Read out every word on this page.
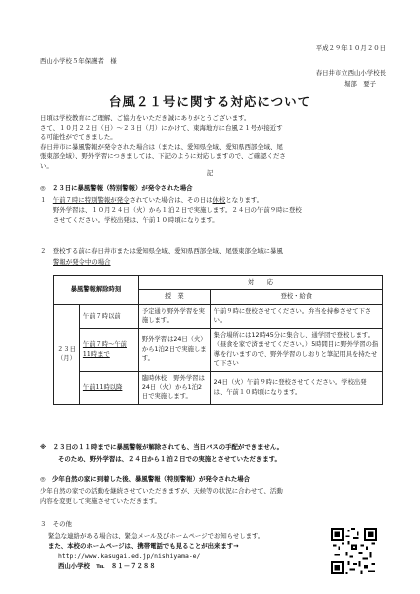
平成２９年１０月２０日
西山小学校５年保護者　様
春日井市立西山小学校長
堀部　要子
台風２１号に関する対応について

日頃は学校教育にご理解、ご協力をいただき誠にありがとうございます。

さて、１０月２２日（日）～２３日（月）にかけて、東海地方に台風２１号が接近す

る可能性がでてきました。

春日井市に暴風警報が発令された場合は（または、愛知県全域、愛知県西部全域、尾

張東部全域）、野外学習につきましては、下記のように対応しますので、ご確認くださ

い。

記
◎　２３日に暴風警報（特別警報）が発令された場合
１　午前７時に特別警報が発令されていた場合は、その日は休校となります。

野外学習は、１０月２４日（火）から１泊２日で実施します。２４日の午前９時に登校

させてください。学校出発は、午前１０時頃になります。

２　登校する前に春日井市または愛知県全域、愛知県西部全域、尾張東部全域に暴風
警報が発令中の場合
暴風警報解除時刻		対　　応	
		授　業	登校・給食
２３日（月）	午前７時以前	予定通り野外学習を実施します。	午前９時に登校させてください。弁当を持参させて下さい。
	午前７時～午前11時まで	野外学習は24日（火）から1泊2日で実施します。	集合場所には12時45分に集合し、通学団で登校します。（昼食を家で済ませてください。）5時間目に野外学習の指導を行いますので、野外学習のしおりと筆記用具を持たせて下さい
	午前11時以降	臨時休校　野外学習は24日（火）から1泊2日で実施します。	24日（火）午前９時に登校させてください。学校出発は、午前１０時頃になります。
※　２３日の１１時までに暴風警報が解除されても、当日バスの手配ができません。
そのため、野外学習は、２４日から１泊２日での実施とさせていただきます。
◎　少年自然の家に到着した後、暴風警報（特別警報）が発令された場合

少年自然の家での活動を継続させていただきますが、天候等の状況に合わせて、活動

内容を変更して実施させていただきます。

３　その他
緊急な連絡がある場合は、緊急メール及びホームページでお知らせします。
また、本校のホームページは、携帯電話でも見ることが出来ます→
http://www.kasugai.ed.jp/nishiyama-e/
西山小学校　℡　８１－７２８８
